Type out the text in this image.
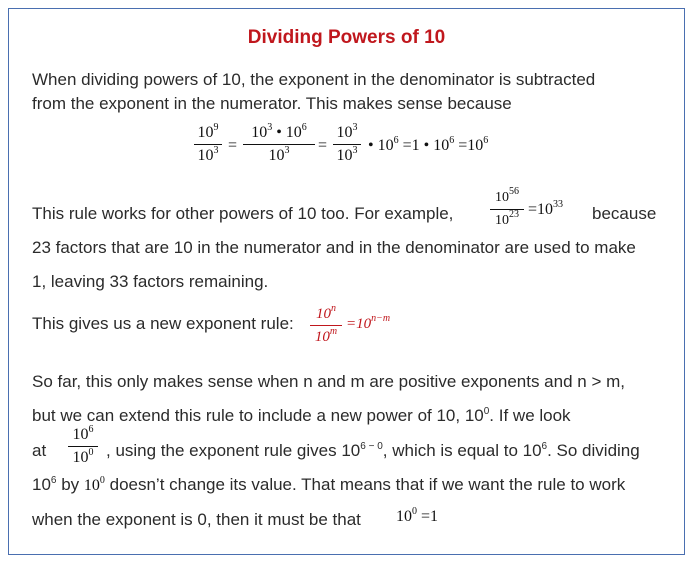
Dividing Powers of 10
When dividing powers of 10, the exponent in the denominator is subtracted
from the exponent in the numerator. This makes sense because
$10^9$
$10^3$ =
$10^3$ • $10^6$
$10^3$	=
$10^3$
$10^3$ • $10^6 =1$ • $10^6 =10^6$
This rule works for other powers of 10 too. For example,
$10^{56}$
$10^{23} =10^{33}$ because
23 factors that are 10 in the numerator and in the denominator are used to make
1, leaving 33 factors remaining.
This gives us a new exponent rule:	10$^n$
$10^m =10^{n-m}$
So far, this only makes sense when n and m are positive exponents and n > m,
but we can extend this rule to include a new power of 10, $10^0$. If we look
at
$10^6$
$10^0$ , using the exponent rule gives $10^{6 - 0}$, which is equal to $10^6$. So dividing
$10^6$ by $10^0$ doesn’t change its value. That means that if we want the rule to work
when the exponent is 0, then it must be that $10^0 =1$
